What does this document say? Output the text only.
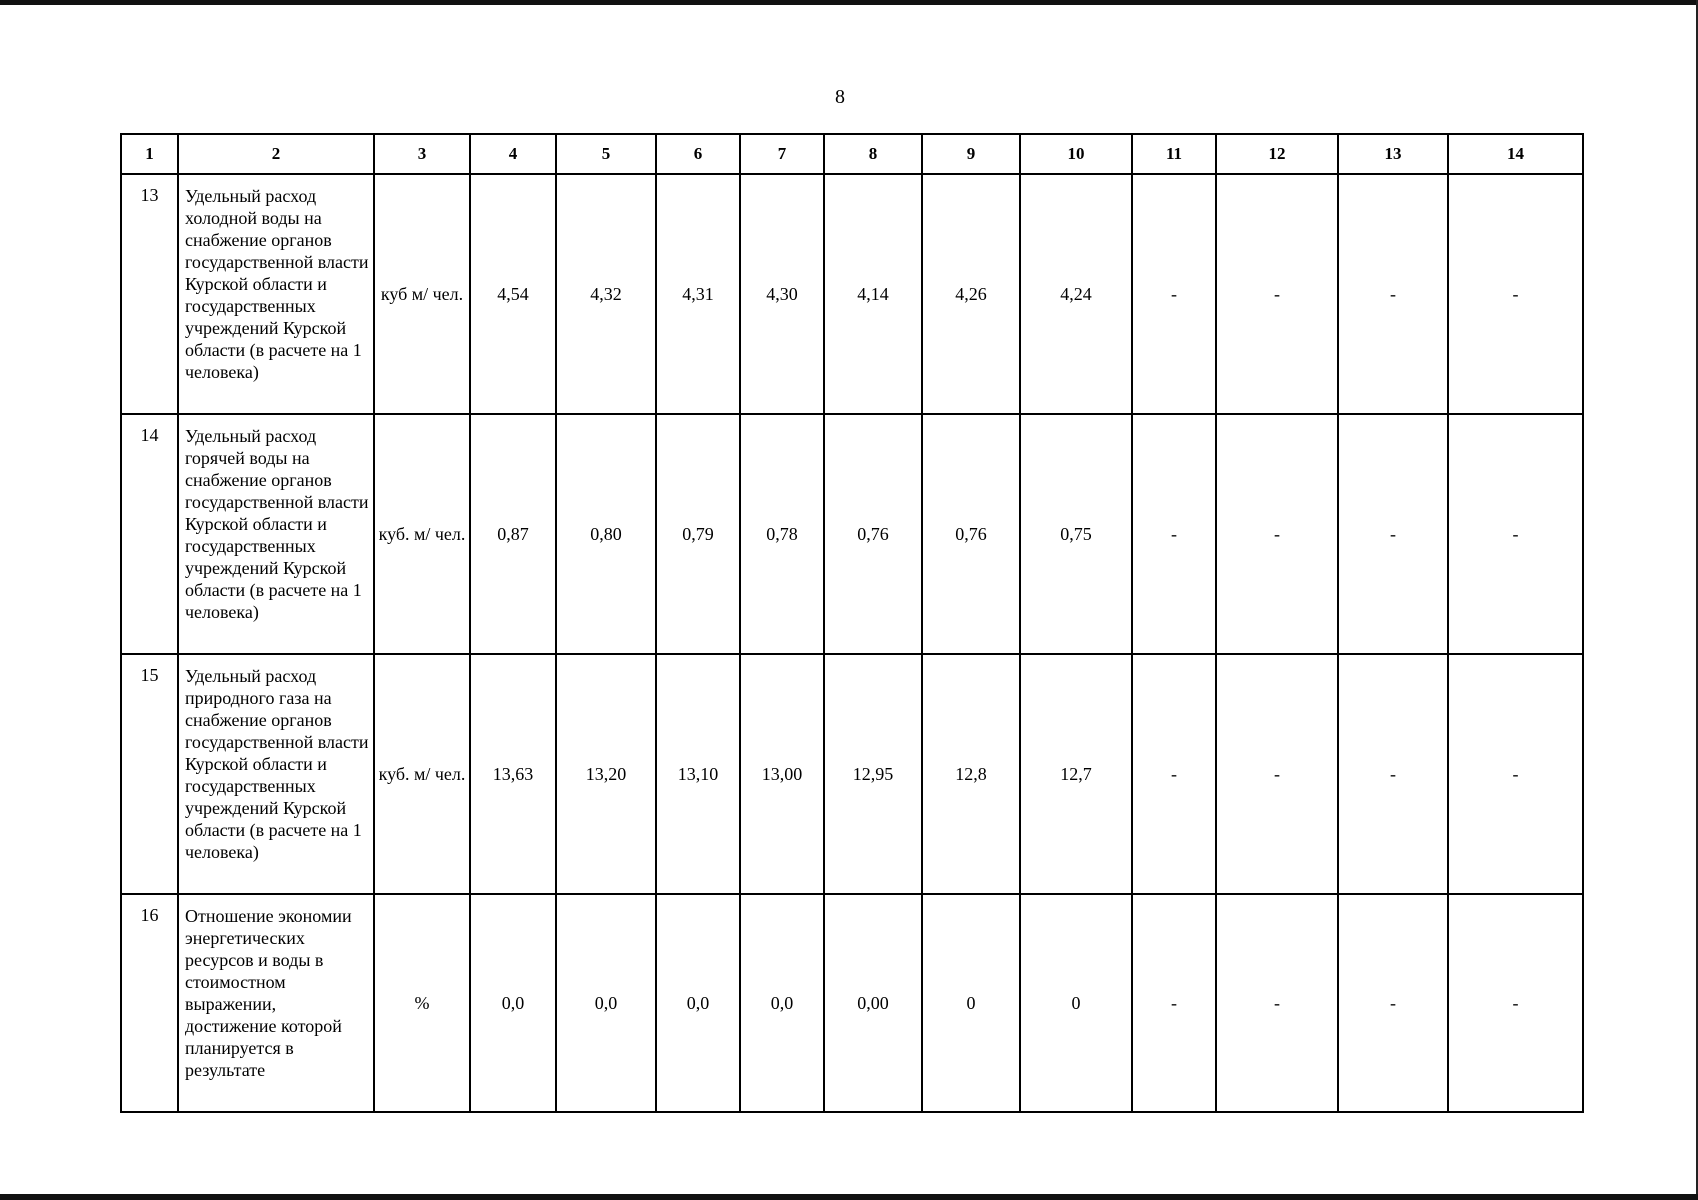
8
1	2	3	4	5	6	7	8	9	10	11	12	13	14
13	Удельный расход холодной воды на снабжение органов государственной власти Курской области и государственных учреждений Курской области (в расчете на 1 человека)	куб м/ чел.	4,54	4,32	4,31	4,30	4,14	4,26	4,24	-	-	-	-
14	Удельный расход горячей воды на снабжение органов государственной власти Курской области и государственных учреждений Курской области (в расчете на 1 человека)	куб. м/ чел.	0,87	0,80	0,79	0,78	0,76	0,76	0,75	-	-	-	-
15	Удельный расход природного газа на снабжение органов государственной власти Курской области и государственных учреждений Курской области (в расчете на 1 человека)	куб. м/ чел.	13,63	13,20	13,10	13,00	12,95	12,8	12,7	-	-	-	-
16	Отношение экономии энергетических ресурсов и воды в стоимостном выражении, достижение которой планируется в результате	%	0,0	0,0	0,0	0,0	0,00	0	0	-	-	-	-
